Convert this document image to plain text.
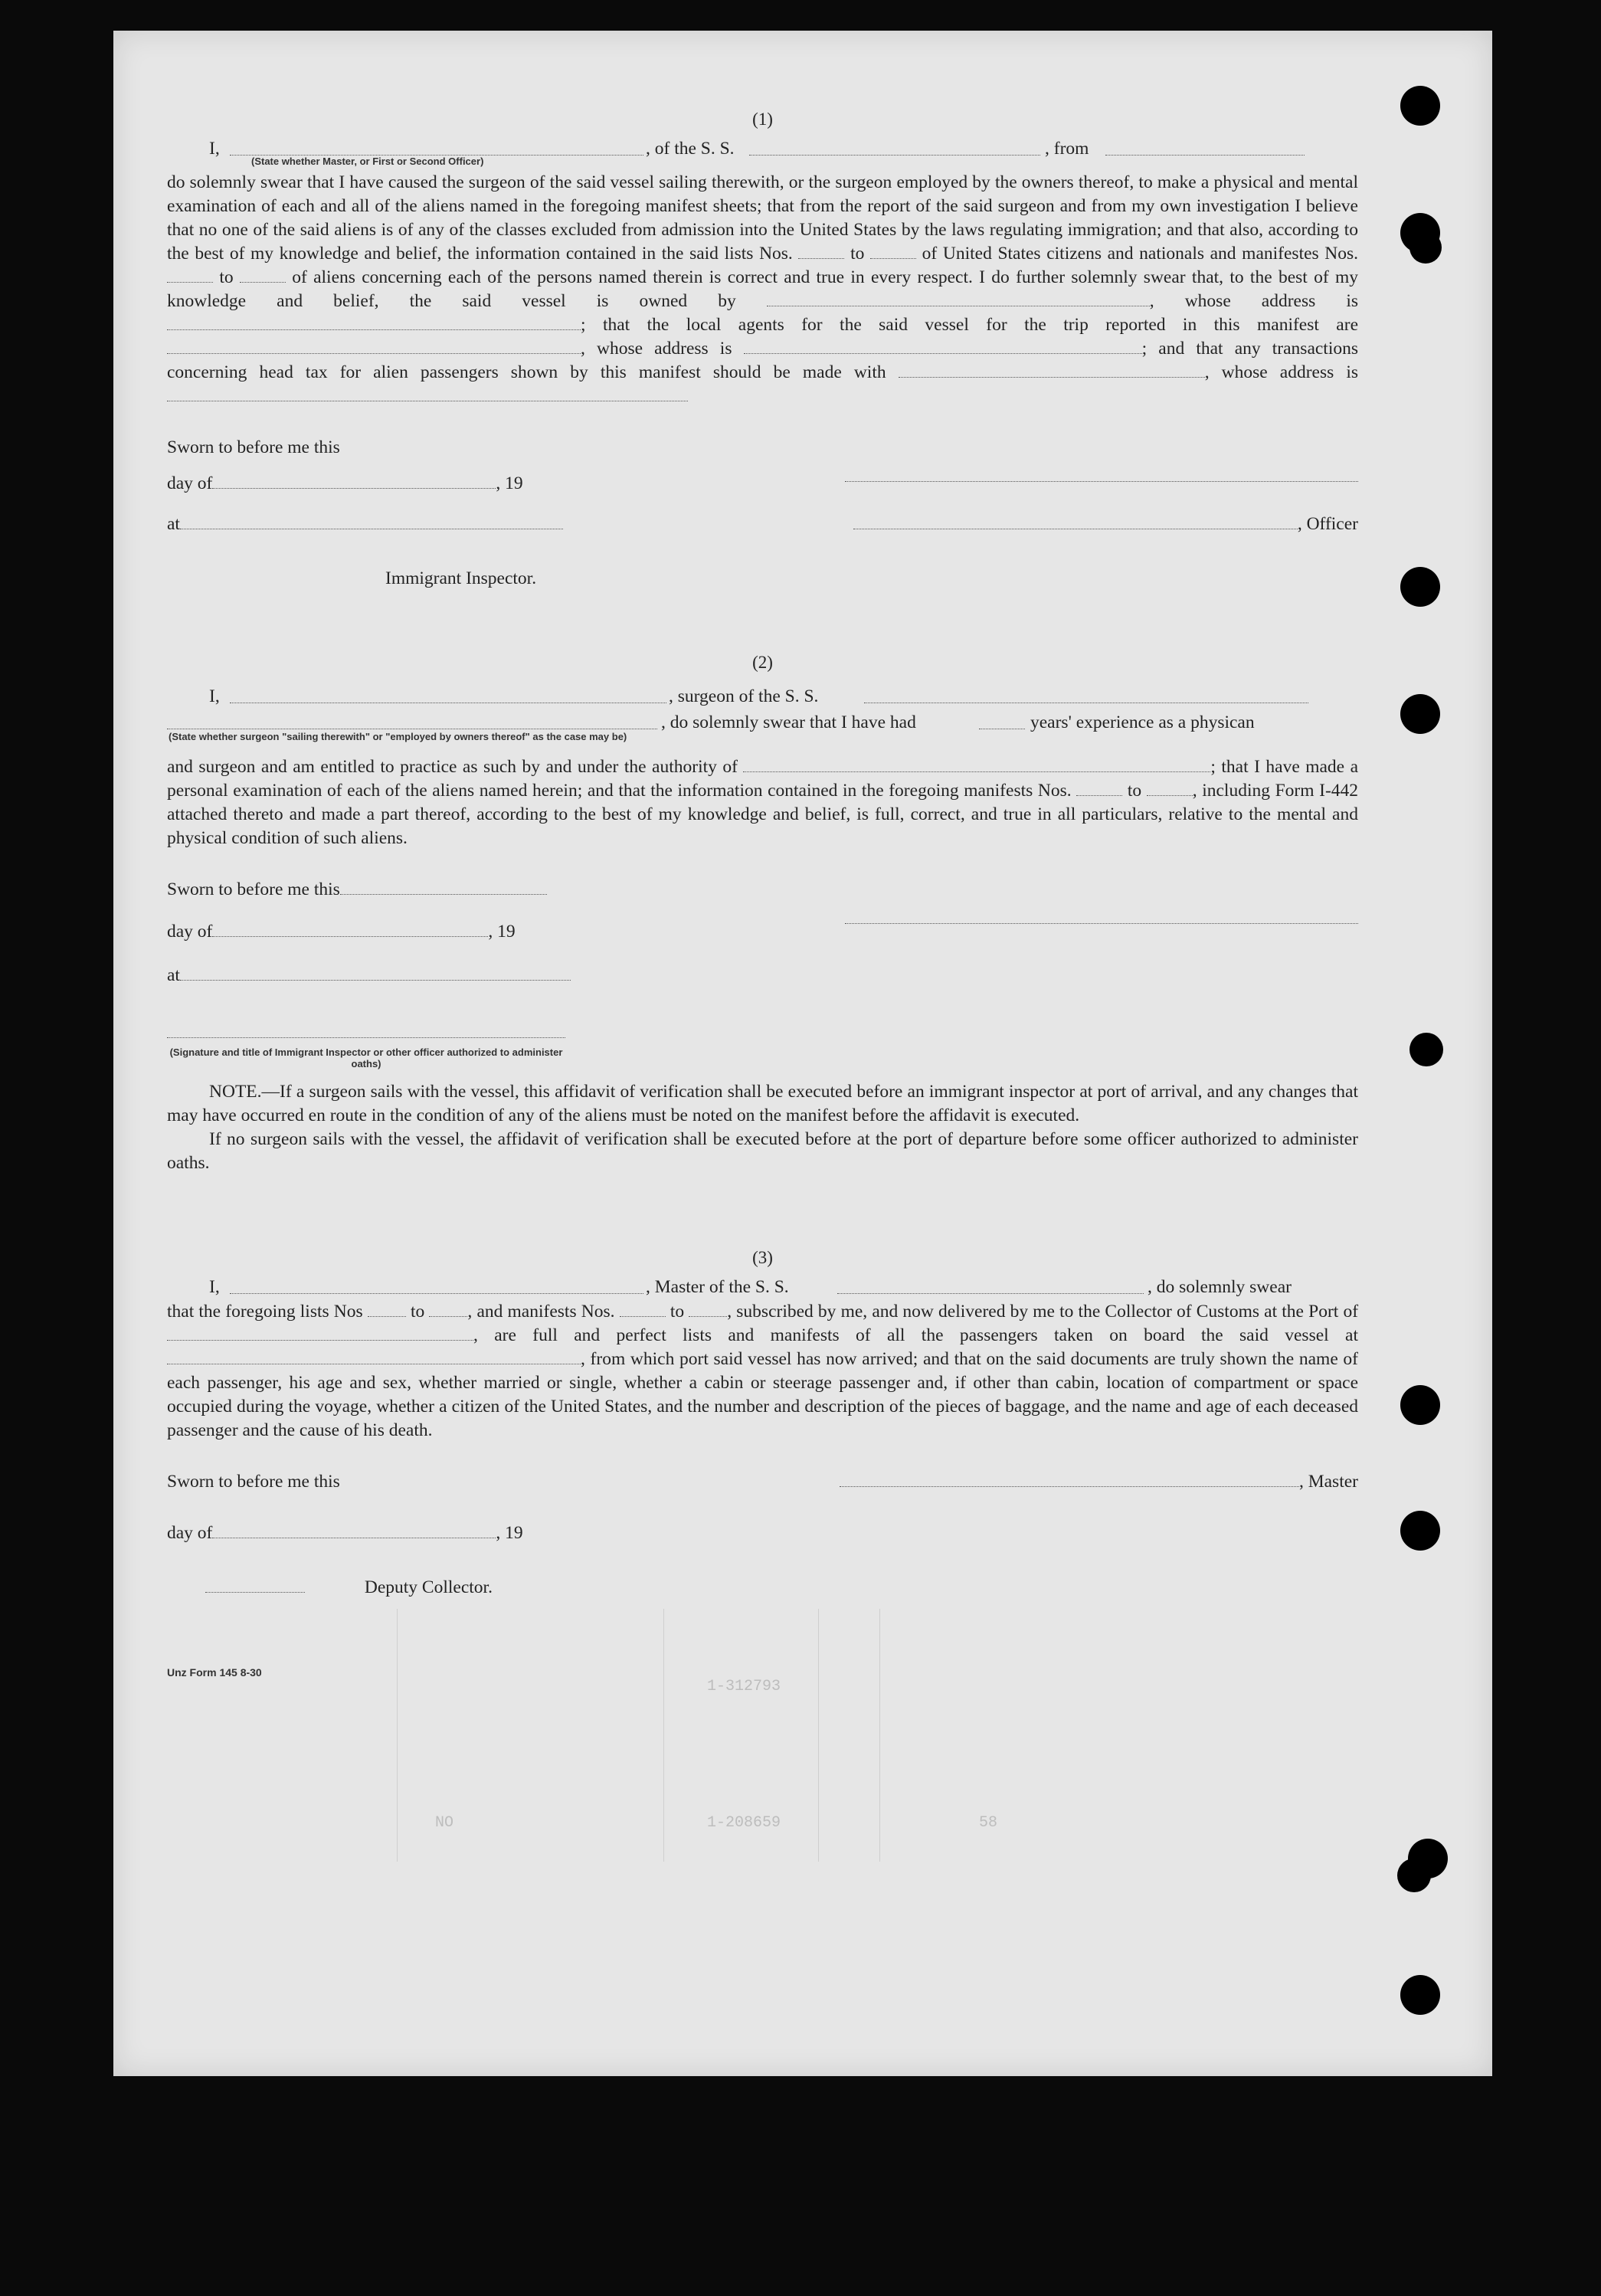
1-312793
1-208659	58
NO
(1)
I,	, of the S. S.	, from
(State whether Master, or First or Second Officer)

do solemnly swear that I have caused the surgeon of the said vessel sailing therewith, or the surgeon employed by the owners thereof, to make a physical and mental examination of each and all of the aliens named in the foregoing manifest sheets; that from the report of the said surgeon and from my own investigation I believe that no one of the said aliens is of any of the classes excluded from admission into the United States by the laws regulating immigration; and that also, according to the best of my knowledge and belief, the information contained in the said lists Nos.	to	of United States citizens and nationals and manifestes Nos.  to	of aliens concerning each of the persons named therein is correct and true in every respect. I do further solemnly swear that, to the best of my knowledge and belief, the said vessel is owned by	, whose address is ; that the local agents for the said vessel for the trip reported in this manifest are , whose address is	; and that any transactions concerning head tax for alien passengers shown by this manifest should be made with	, whose address is

Sworn to before me this
day of	, 19
at	, Officer
Immigrant Inspector.
(2)
I,	, surgeon of the S. S.
, do solemnly swear that I have had	years' experience as a physican
(State whether surgeon "sailing therewith" or "employed by owners thereof" as the case may be)

and surgeon and am entitled to practice as such by and under the authority of	; that I have made a personal examination of each of the aliens named herein; and that the information contained in the foregoing manifests Nos.	to	, including Form I-442 attached thereto and made a part thereof, according to the best of my knowledge and belief, is full, correct, and true in all particulars, relative to the mental and physical condition of such aliens.

Sworn to before me this
day of	, 19
at
(Signature and title of Immigrant Inspector or other officer authorized to administer oaths)

NOTE.—If a surgeon sails with the vessel, this affidavit of verification shall be executed before an immigrant inspector at port of arrival, and any changes that may have occurred en route in the condition of any of the aliens must be noted on the manifest before the affidavit is executed.

If no surgeon sails with the vessel, the affidavit of verification shall be executed before at the port of departure before some officer authorized to administer oaths.

(3)
I,	, Master of the S. S.	, do solemnly swear

that the foregoing lists Nos	to , and manifests Nos.	to , subscribed by me, and now delivered by me to the Collector of Customs at the Port of , are full and perfect lists and manifests of all the passengers taken on board the said vessel at , from which port said vessel has now arrived; and that on the said documents are truly shown the name of each passenger, his age and sex, whether married or single, whether a cabin or steerage passenger and, if other than cabin, location of compartment or space occupied during the voyage, whether a citizen of the United States, and the number and description of the pieces of baggage, and the name and age of each deceased passenger and the cause of his death.

Sworn to before me this	, Master
day of	, 19
Deputy Collector.
Unz Form 145 8-30
